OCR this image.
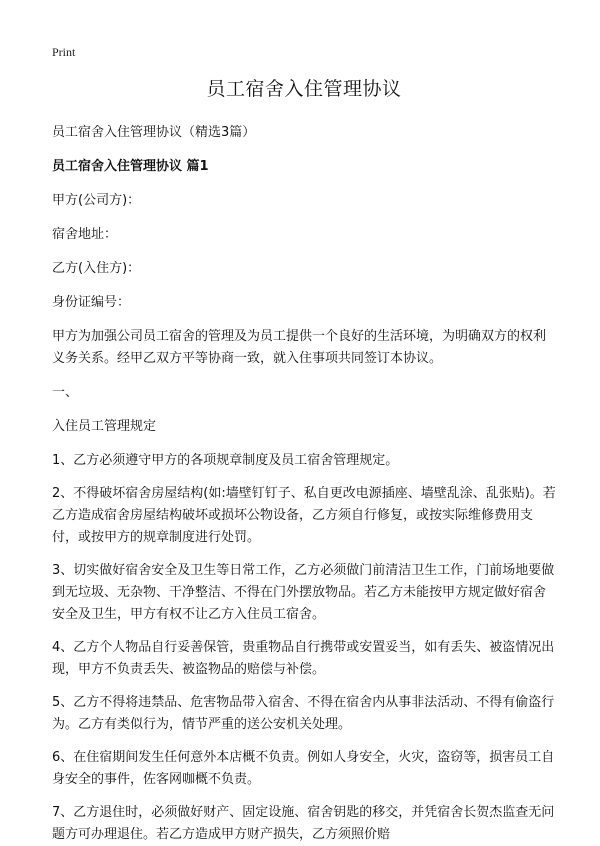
Print
员工宿舍入住管理协议
员工宿舍入住管理协议（精选3篇）
员工宿舍入住管理协议 篇1
甲方(公司方)：
宿舍地址：
乙方(入住方)：
身份证编号：
甲方为加强公司员工宿舍的管理及为员工提供一个良好的生活环境，为明确双方的权利义务关系。经甲乙双方平等协商一致，就入住事项共同签订本协议。
一、
入住员工管理规定
1、乙方必须遵守甲方的各项规章制度及员工宿舍管理规定。
2、不得破坏宿舍房屋结构(如:墙壁钉钉子、私自更改电源插座、墙壁乱涂、乱张贴)。若乙方造成宿舍房屋结构破坏或损坏公物设备，乙方须自行修复，或按实际维修费用支付，或按甲方的规章制度进行处罚。
3、切实做好宿舍安全及卫生等日常工作，乙方必须做门前清洁卫生工作，门前场地要做到无垃圾、无杂物、干净整洁、不得在门外摆放物品。若乙方未能按甲方规定做好宿舍安全及卫生，甲方有权不让乙方入住员工宿舍。
4、乙方个人物品自行妥善保管，贵重物品自行携带或安置妥当，如有丢失、被盗情况出现，甲方不负责丢失、被盗物品的赔偿与补偿。
5、乙方不得将违禁品、危害物品带入宿舍、不得在宿舍内从事非法活动、不得有偷盗行为。乙方有类似行为，情节严重的送公安机关处理。
6、在住宿期间发生任何意外本店概不负责。例如人身安全，火灾，盗窃等，损害员工自身安全的事件，佐客网咖概不负责。
7、乙方退住时，必须做好财产、固定设施、宿舍钥匙的移交，并凭宿舍长贺杰监查无问题方可办理退住。若乙方造成甲方财产损失，乙方须照价赔
